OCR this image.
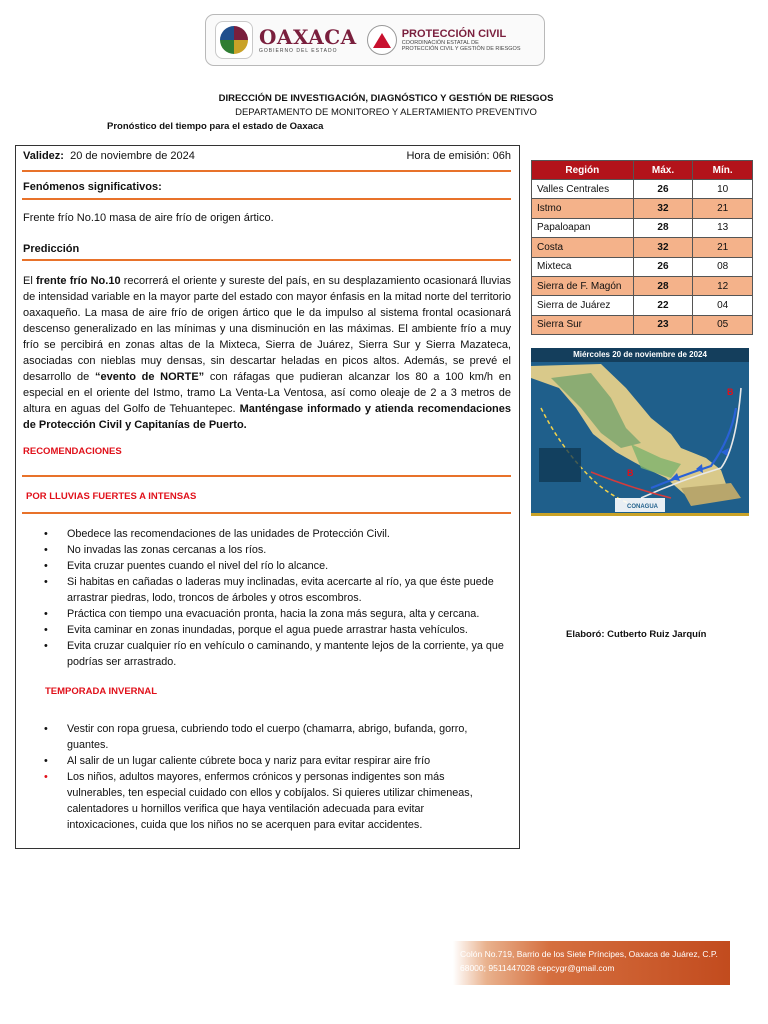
OAXACA
GOBIERNO DEL ESTADO
PROTECCIÓN CIVIL
COORDINACIÓN ESTATAL DE
PROTECCIÓN CIVIL Y GESTIÓN DE RIESGOS
DIRECCIÓN DE INVESTIGACIÓN, DIAGNÓSTICO Y GESTIÓN DE RIESGOS
DEPARTAMENTO DE MONITOREO Y ALERTAMIENTO PREVENTIVO
Pronóstico del tiempo para el estado de Oaxaca
Validez: 20 de noviembre de 2024	Hora de emisión: 06h
Fenómenos significativos:
Frente frío No.10 masa de aire frío de origen ártico.
Predicción
El frente frío No.10 recorrerá el oriente y sureste del país, en su desplazamiento ocasionará lluvias de intensidad variable en la mayor parte del estado con mayor énfasis en la mitad norte del territorio oaxaqueño. La masa de aire frío de origen ártico que le da impulso al sistema frontal ocasionará descenso generalizado en las mínimas y una disminución en las máximas. El ambiente frío a muy frío se percibirá en zonas altas de la Mixteca, Sierra de Juárez, Sierra Sur y Sierra Mazateca, asociadas con nieblas muy densas, sin descartar heladas en picos altos. Además, se prevé el desarrollo de “evento de NORTE” con ráfagas que pudieran alcanzar los 80 a 100 km/h en especial en el oriente del Istmo, tramo La Venta-La Ventosa, así como oleaje de 2 a 3 metros de altura en aguas del Golfo de Tehuantepec. Manténgase informado y atienda recomendaciones de Protección Civil y Capitanías de Puerto.
RECOMENDACIONES
POR LLUVIAS FUERTES A INTENSAS
• Obedece las recomendaciones de las unidades de Protección Civil.
• No invadas las zonas cercanas a los ríos.
• Evita cruzar puentes cuando el nivel del río lo alcance.
• Si habitas en cañadas o laderas muy inclinadas, evita acercarte al río, ya que éste puede arrastrar piedras, lodo, troncos de árboles y otros escombros.
• Práctica con tiempo una evacuación pronta, hacia la zona más segura, alta y cercana.
• Evita caminar en zonas inundadas, porque el agua puede arrastrar hasta vehículos.
• Evita cruzar cualquier río en vehículo o caminando, y mantente lejos de la corriente, ya que podrías ser arrastrado.
TEMPORADA INVERNAL
• Vestir con ropa gruesa, cubriendo todo el cuerpo (chamarra, abrigo, bufanda, gorro, guantes.
• Al salir de un lugar caliente cúbrete boca y nariz para evitar respirar aire frío
• Los niños, adultos mayores, enfermos crónicos y personas indigentes son más vulnerables, ten especial cuidado con ellos y cobíjalos. Si quieres utilizar chimeneas, calentadores u hornillos verifica que haya ventilación adecuada para evitar intoxicaciones, cuida que los niños no se acerquen para evitar accidentes.
Región	Máx.	Mín.
Valles Centrales	26	10
Istmo	32	21
Papaloapan	28	13
Costa	32	21
Mixteca	26	08
Sierra de F. Magón	28	12
Sierra de Juárez	22	04
Sierra Sur	23	05
B
B
CONAGUA
Miércoles 20 de noviembre de 2024
Elaboró: Cutberto Ruiz Jarquín
Colón No.719, Barrio de los Siete Príncipes, Oaxaca de Juárez, C.P.
68000; 9511447028 cepcygr@gmail.com
